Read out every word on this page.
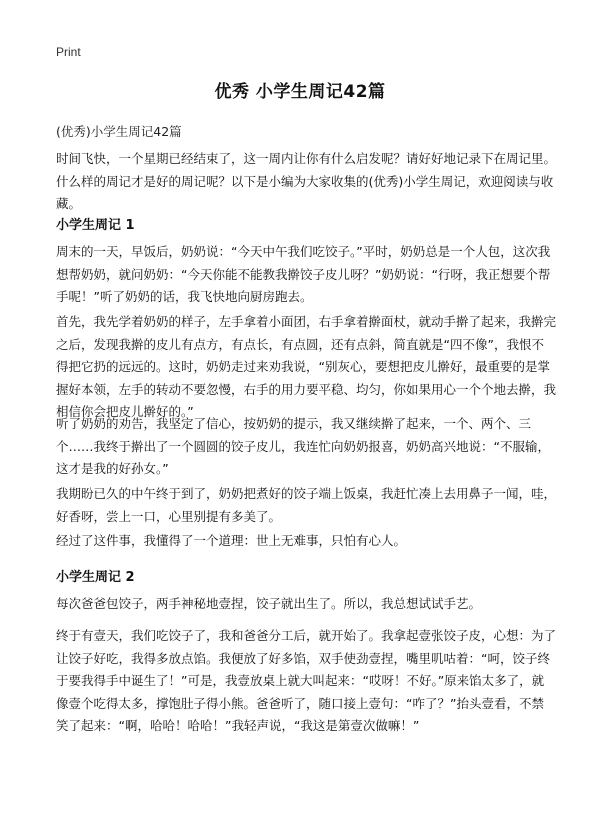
Print
优秀 小学生周记42篇
(优秀)小学生周记42篇

时间飞快，一个星期已经结束了，这一周内让你有什么启发呢？请好好地记录下在周记里。什么样的周记才是好的周记呢？以下是小编为大家收集的(优秀)小学生周记，欢迎阅读与收藏。

小学生周记 1

周末的一天，早饭后，奶奶说：“今天中午我们吃饺子。”平时，奶奶总是一个人包，这次我想帮奶奶，就问奶奶：“今天你能不能教我擀饺子皮儿呀？”奶奶说：“行呀，我正想要个帮手呢！”听了奶奶的话，我飞快地向厨房跑去。

首先，我先学着奶奶的样子，左手拿着小面团，右手拿着擀面杖，就动手擀了起来，我擀完之后，发现我擀的皮儿有点方，有点长，有点圆，还有点斜，简直就是“四不像”，我恨不得把它扔的远远的。这时，奶奶走过来劝我说，“别灰心，要想把皮儿擀好，最重要的是掌握好本领，左手的转动不要忽慢，右手的用力要平稳、均匀，你如果用心一个个地去擀，我相信你会把皮儿擀好的。”

听了奶奶的劝告，我坚定了信心，按奶奶的提示，我又继续擀了起来，一个、两个、三个……我终于擀出了一个圆圆的饺子皮儿，我连忙向奶奶报喜，奶奶高兴地说：“不服输，这才是我的好孙女。”

我期盼已久的中午终于到了，奶奶把煮好的饺子端上饭桌，我赶忙凑上去用鼻子一闻，哇，好香呀，尝上一口，心里别提有多美了。

经过了这件事，我懂得了一个道理：世上无难事，只怕有心人。

小学生周记 2

每次爸爸包饺子，两手神秘地壹捏，饺子就出生了。所以，我总想试试手艺。

终于有壹天，我们吃饺子了，我和爸爸分工后，就开始了。我拿起壹张饺子皮，心想：为了让饺子好吃，我得多放点馅。我便放了好多馅，双手使劲壹捏，嘴里叽咕着：“呵，饺子终于要我得手中诞生了！”可是，我壹放桌上就大叫起来：“哎呀！不好。”原来馅太多了，就像壹个吃得太多，撑饱肚子得小熊。爸爸听了，随口接上壹句：“咋了？”抬头壹看，不禁笑了起来：“啊，哈哈！哈哈！”我轻声说，“我这是第壹次做嘛！”
